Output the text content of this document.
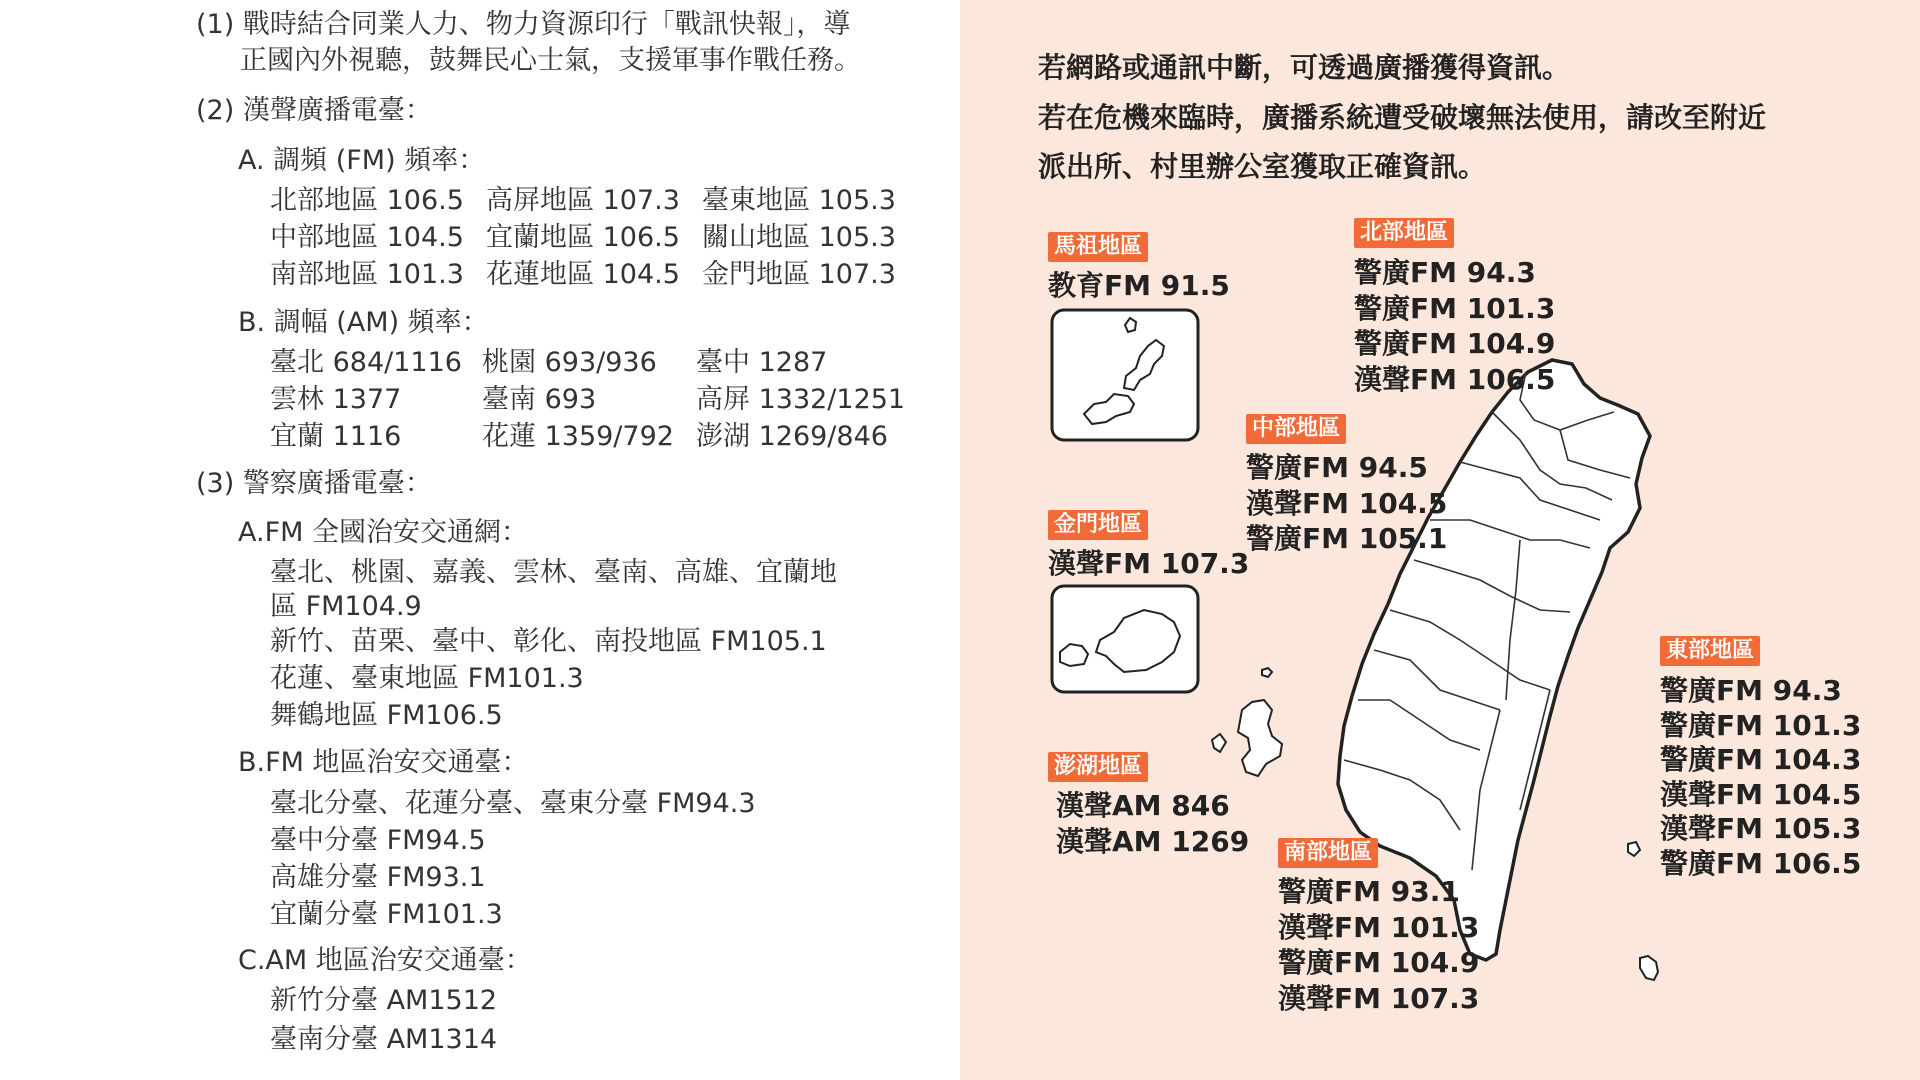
(1) 戰時結合同業人力、物力資源印行「戰訊快報」，導
正國內外視聽，鼓舞民心士氣，支援軍事作戰任務。
(2) 漢聲廣播電臺：
A. 調頻 (FM) 頻率：
北部地區 106.5 高屏地區 107.3 臺東地區 105.3
中部地區 104.5 宜蘭地區 106.5 關山地區 105.3
南部地區 101.3 花蓮地區 104.5 金門地區 107.3
B. 調幅 (AM) 頻率：
臺北 684/1116 桃園 693/936	臺中 1287
雲林 1377	臺南 693	高屏 1332/1251
宜蘭 1116	花蓮 1359/792 澎湖 1269/846
(3) 警察廣播電臺：
A.FM 全國治安交通網：
臺北、桃園、嘉義、雲林、臺南、高雄、宜蘭地
區 FM104.9
新竹、苗栗、臺中、彰化、南投地區 FM105.1
花蓮、臺東地區 FM101.3
舞鶴地區 FM106.5
B.FM 地區治安交通臺：
臺北分臺、花蓮分臺、臺東分臺 FM94.3
臺中分臺 FM94.5
高雄分臺 FM93.1
宜蘭分臺 FM101.3
C.AM 地區治安交通臺：
新竹分臺 AM1512
臺南分臺 AM1314
若網路或通訊中斷，可透過廣播獲得資訊。
若在危機來臨時，廣播系統遭受破壞無法使用，請改至附近
派出所、村里辦公室獲取正確資訊。
馬祖地區
教育FM 91.5
北部地區
警廣FM 94.3
警廣FM 101.3
警廣FM 104.9
漢聲FM 106.5
中部地區
警廣FM 94.5
漢聲FM 104.5
警廣FM 105.1
金門地區
漢聲FM 107.3
東部地區
警廣FM 94.3
警廣FM 101.3
警廣FM 104.3
漢聲FM 104.5
漢聲FM 105.3
警廣FM 106.5
澎湖地區
漢聲AM 846
漢聲AM 1269 南部地區
警廣FM 93.1
漢聲FM 101.3
警廣FM 104.9
漢聲FM 107.3
